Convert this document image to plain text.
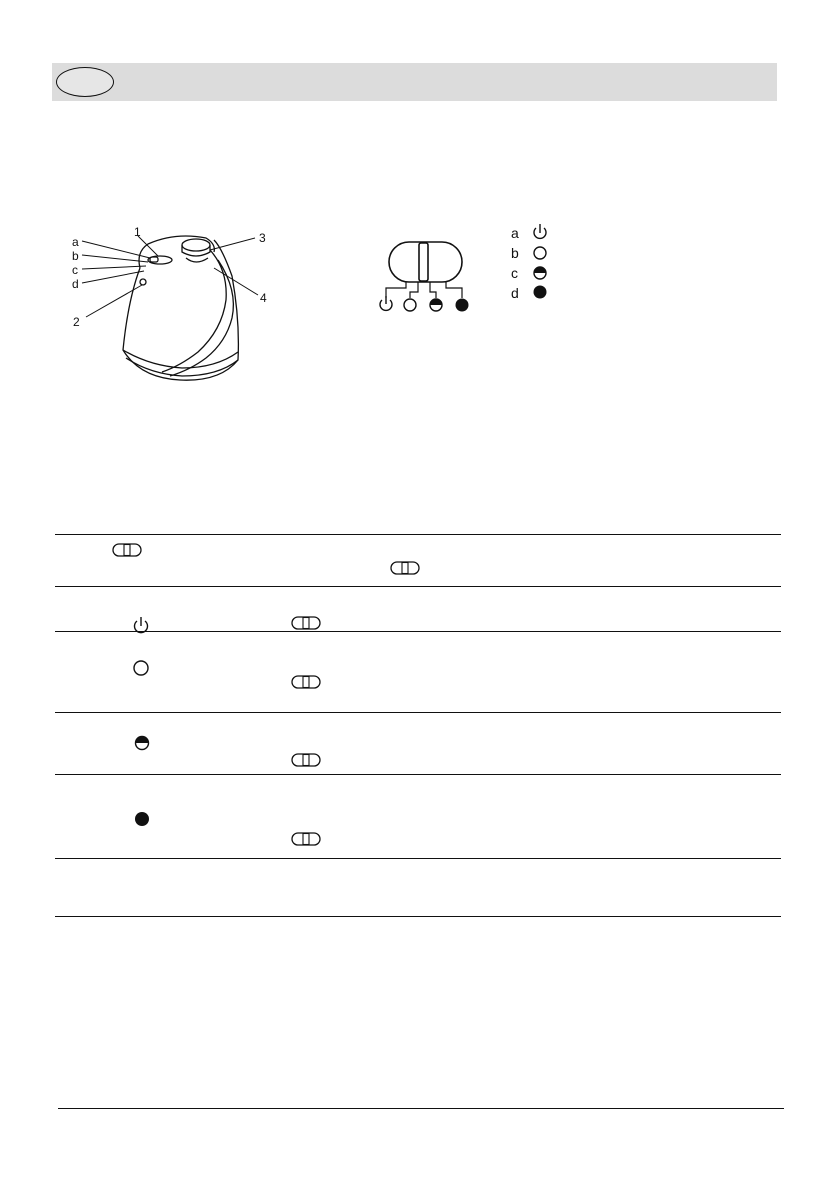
a
b
c
d
1
2
3
4
a
b
c
d
